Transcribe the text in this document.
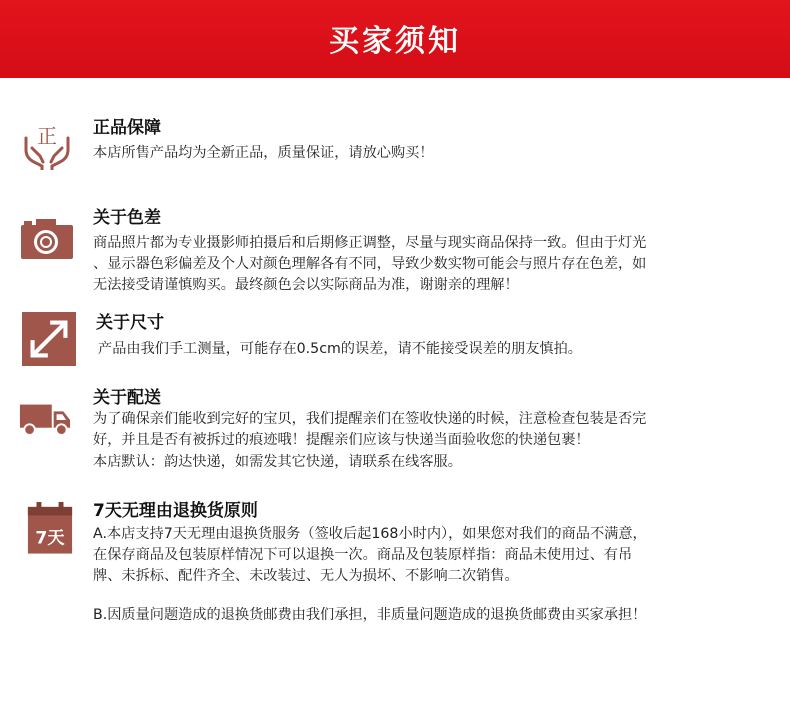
买家须知
正 正品保障
本店所售产品均为全新正品，质量保证，请放心购买！
关于色差
商品照片都为专业摄影师拍摄后和后期修正调整，尽量与现实商品保持一致。但由于灯光
、显示器色彩偏差及个人对颜色理解各有不同，导致少数实物可能会与照片存在色差，如
无法接受请谨慎购买。最终颜色会以实际商品为准，谢谢亲的理解！
关于尺寸
产品由我们手工测量，可能存在0.5cm的误差，请不能接受误差的朋友慎拍。
关于配送
为了确保亲们能收到完好的宝贝，我们提醒亲们在签收快递的时候，注意检查包装是否完
好，并且是否有被拆过的痕迹哦！提醒亲们应该与快递当面验收您的快递包裹！
本店默认：韵达快递，如需发其它快递，请联系在线客服。
7天
7天无理由退换货原则
A.本店支持7天无理由退换货服务（签收后起168小时内），如果您对我们的商品不满意，
在保存商品及包装原样情况下可以退换一次。商品及包装原样指：商品未使用过、有吊
牌、未拆标、配件齐全、未改装过、无人为损坏、不影响二次销售。
B.因质量问题造成的退换货邮费由我们承担，非质量问题造成的退换货邮费由买家承担！
